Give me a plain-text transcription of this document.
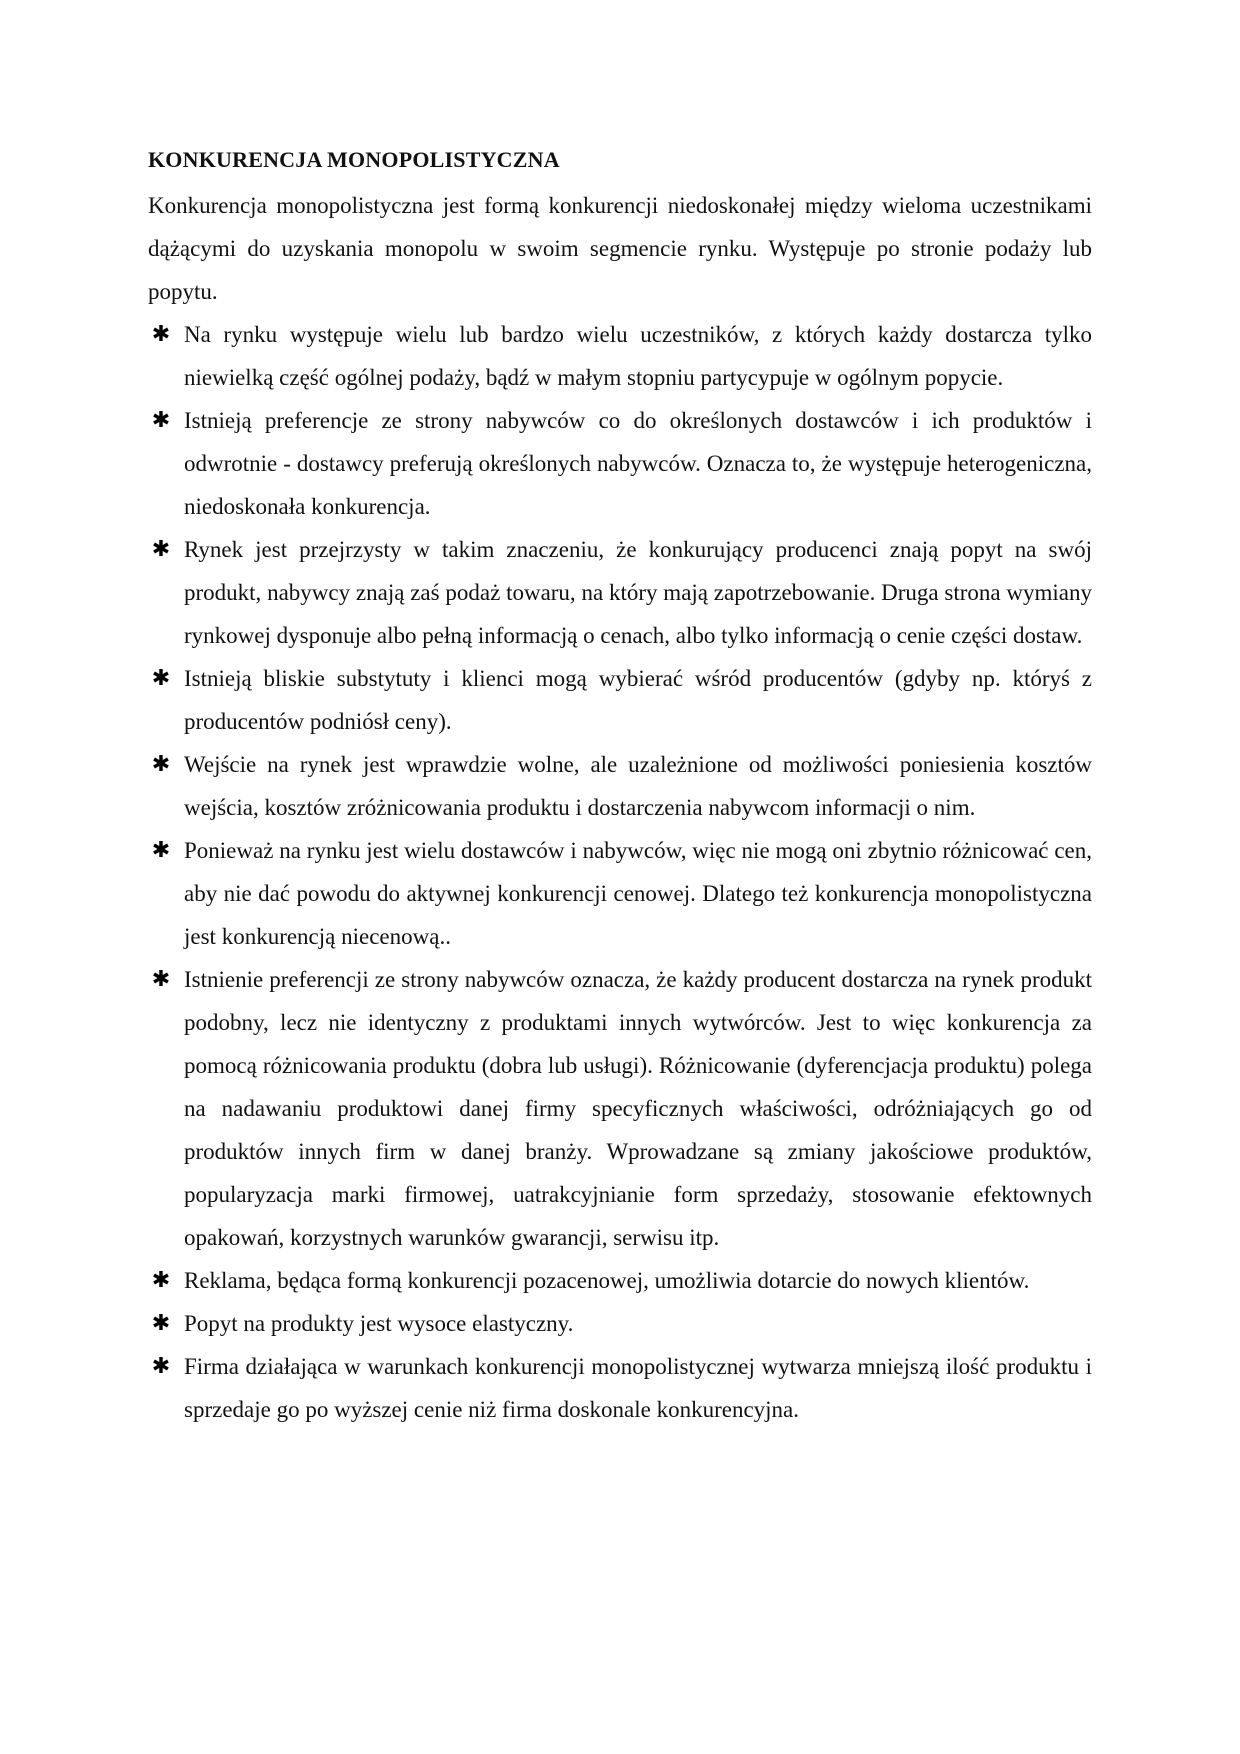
KONKURENCJA MONOPOLISTYCZNA

Konkurencja monopolistyczna jest formą konkurencji niedoskonałej między wieloma uczestnikami dążącymi do uzyskania monopolu w swoim segmencie rynku. Występuje po stronie podaży lub popytu.

✱ Na rynku występuje wielu lub bardzo wielu uczestników, z których każdy dostarcza tylko niewielką część ogólnej podaży, bądź w małym stopniu partycypuje w ogólnym popycie.
✱ Istnieją preferencje ze strony nabywców co do określonych dostawców i ich produktów i odwrotnie - dostawcy preferują określonych nabywców. Oznacza to, że występuje heterogeniczna, niedoskonała konkurencja.
✱ Rynek jest przejrzysty w takim znaczeniu, że konkurujący producenci znają popyt na swój produkt, nabywcy znają zaś podaż towaru, na który mają zapotrzebowanie. Druga strona wymiany rynkowej dysponuje albo pełną informacją o cenach, albo tylko informacją o cenie części dostaw.
✱ Istnieją bliskie substytuty i klienci mogą wybierać wśród producentów (gdyby np. któryś z producentów podniósł ceny).
✱ Wejście na rynek jest wprawdzie wolne, ale uzależnione od możliwości poniesienia kosztów wejścia, kosztów zróżnicowania produktu i dostarczenia nabywcom informacji o nim.
✱ Ponieważ na rynku jest wielu dostawców i nabywców, więc nie mogą oni zbytnio różnicować cen, aby nie dać powodu do aktywnej konkurencji cenowej. Dlatego też konkurencja monopolistyczna jest konkurencją niecenową..
✱ Istnienie preferencji ze strony nabywców oznacza, że każdy producent dostarcza na rynek produkt podobny, lecz nie identyczny z produktami innych wytwórców. Jest to więc konkurencja za pomocą różnicowania produktu (dobra lub usługi). Różnicowanie (dyferencjacja produktu) polega na nadawaniu produktowi danej firmy specyficznych właściwości, odróżniających go od produktów innych firm w danej branży. Wprowadzane są zmiany jakościowe produktów, popularyzacja marki firmowej, uatrakcyjnianie form sprzedaży, stosowanie efektownych opakowań, korzystnych warunków gwarancji, serwisu itp.
✱ Reklama, będąca formą konkurencji pozacenowej, umożliwia dotarcie do nowych klientów.
✱ Popyt na produkty jest wysoce elastyczny.
✱ Firma działająca w warunkach konkurencji monopolistycznej wytwarza mniejszą ilość produktu i sprzedaje go po wyższej cenie niż firma doskonale konkurencyjna.
